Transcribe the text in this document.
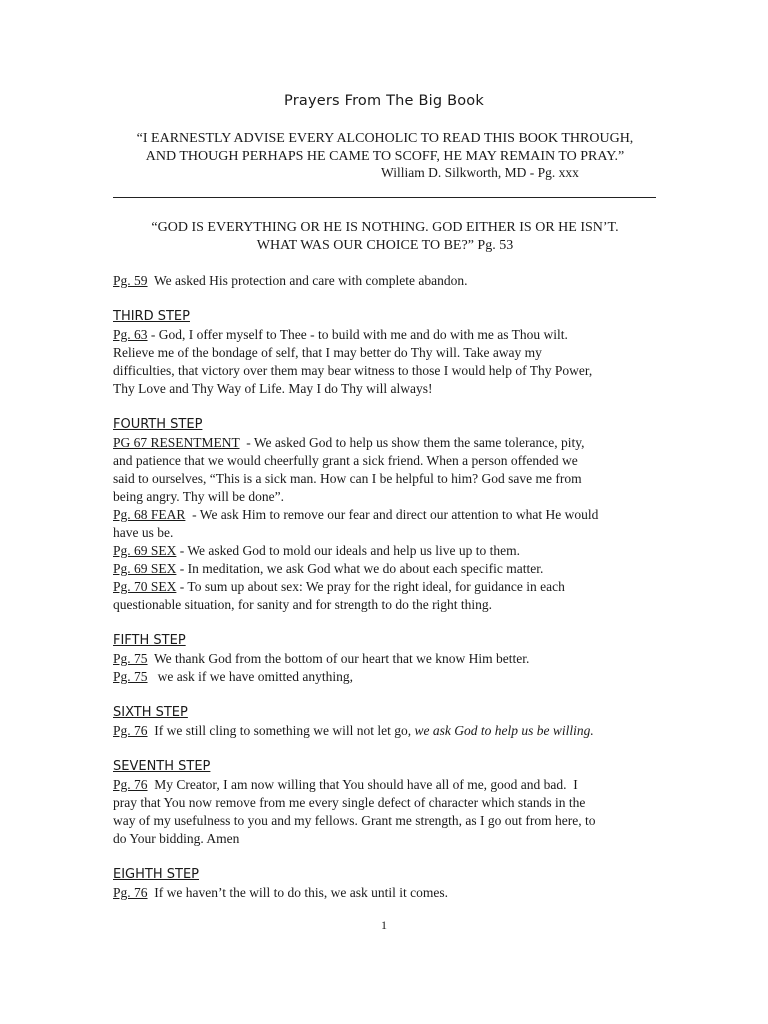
Prayers From The Big Book
“I EARNESTLY ADVISE EVERY ALCOHOLIC TO READ THIS BOOK THROUGH,
AND THOUGH PERHAPS HE CAME TO SCOFF, HE MAY REMAIN TO PRAY.”
William D. Silkworth, MD - Pg. xxx
“GOD IS EVERYTHING OR HE IS NOTHING. GOD EITHER IS OR HE ISN’T.
WHAT WAS OUR CHOICE TO BE?” Pg. 53

Pg. 59  We asked His protection and care with complete abandon.

THIRD STEP

Pg. 63 - God, I offer myself to Thee - to build with me and do with me as Thou wilt.

Relieve me of the bondage of self, that I may better do Thy will. Take away my

difficulties, that victory over them may bear witness to those I would help of Thy Power,

Thy Love and Thy Way of Life. May I do Thy will always!

FOURTH STEP

PG 67 RESENTMENT  - We asked God to help us show them the same tolerance, pity,

and patience that we would cheerfully grant a sick friend. When a person offended we

said to ourselves, “This is a sick man. How can I be helpful to him? God save me from

being angry. Thy will be done”.

Pg. 68 FEAR  - We ask Him to remove our fear and direct our attention to what He would

have us be.

Pg. 69 SEX - We asked God to mold our ideals and help us live up to them.

Pg. 69 SEX - In meditation, we ask God what we do about each specific matter.

Pg. 70 SEX - To sum up about sex: We pray for the right ideal, for guidance in each

questionable situation, for sanity and for strength to do the right thing.

FIFTH STEP

Pg. 75  We thank God from the bottom of our heart that we know Him better.

Pg. 75   we ask if we have omitted anything,

SIXTH STEP

Pg. 76  If we still cling to something we will not let go, we ask God to help us be willing.

SEVENTH STEP

Pg. 76  My Creator, I am now willing that You should have all of me, good and bad.  I

pray that You now remove from me every single defect of character which stands in the

way of my usefulness to you and my fellows. Grant me strength, as I go out from here, to

do Your bidding. Amen

EIGHTH STEP

Pg. 76  If we haven’t the will to do this, we ask until it comes.

1
